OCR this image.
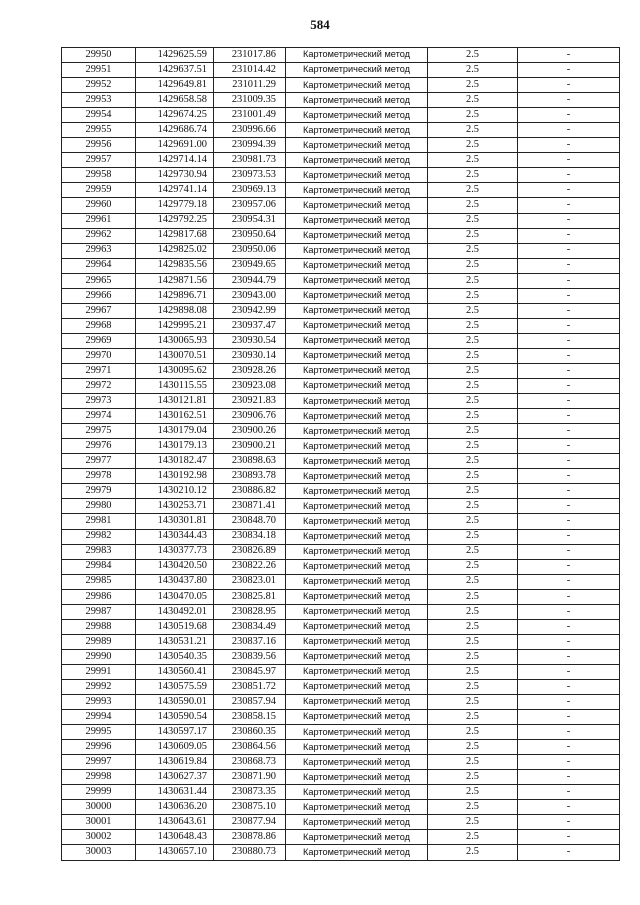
584
29950	1429625.59	231017.86	Картометрический метод	2.5	-
29951	1429637.51	231014.42	Картометрический метод	2.5	-
29952	1429649.81	231011.29	Картометрический метод	2.5	-
29953	1429658.58	231009.35	Картометрический метод	2.5	-
29954	1429674.25	231001.49	Картометрический метод	2.5	-
29955	1429686.74	230996.66	Картометрический метод	2.5	-
29956	1429691.00	230994.39	Картометрический метод	2.5	-
29957	1429714.14	230981.73	Картометрический метод	2.5	-
29958	1429730.94	230973.53	Картометрический метод	2.5	-
29959	1429741.14	230969.13	Картометрический метод	2.5	-
29960	1429779.18	230957.06	Картометрический метод	2.5	-
29961	1429792.25	230954.31	Картометрический метод	2.5	-
29962	1429817.68	230950.64	Картометрический метод	2.5	-
29963	1429825.02	230950.06	Картометрический метод	2.5	-
29964	1429835.56	230949.65	Картометрический метод	2.5	-
29965	1429871.56	230944.79	Картометрический метод	2.5	-
29966	1429896.71	230943.00	Картометрический метод	2.5	-
29967	1429898.08	230942.99	Картометрический метод	2.5	-
29968	1429995.21	230937.47	Картометрический метод	2.5	-
29969	1430065.93	230930.54	Картометрический метод	2.5	-
29970	1430070.51	230930.14	Картометрический метод	2.5	-
29971	1430095.62	230928.26	Картометрический метод	2.5	-
29972	1430115.55	230923.08	Картометрический метод	2.5	-
29973	1430121.81	230921.83	Картометрический метод	2.5	-
29974	1430162.51	230906.76	Картометрический метод	2.5	-
29975	1430179.04	230900.26	Картометрический метод	2.5	-
29976	1430179.13	230900.21	Картометрический метод	2.5	-
29977	1430182.47	230898.63	Картометрический метод	2.5	-
29978	1430192.98	230893.78	Картометрический метод	2.5	-
29979	1430210.12	230886.82	Картометрический метод	2.5	-
29980	1430253.71	230871.41	Картометрический метод	2.5	-
29981	1430301.81	230848.70	Картометрический метод	2.5	-
29982	1430344.43	230834.18	Картометрический метод	2.5	-
29983	1430377.73	230826.89	Картометрический метод	2.5	-
29984	1430420.50	230822.26	Картометрический метод	2.5	-
29985	1430437.80	230823.01	Картометрический метод	2.5	-
29986	1430470.05	230825.81	Картометрический метод	2.5	-
29987	1430492.01	230828.95	Картометрический метод	2.5	-
29988	1430519.68	230834.49	Картометрический метод	2.5	-
29989	1430531.21	230837.16	Картометрический метод	2.5	-
29990	1430540.35	230839.56	Картометрический метод	2.5	-
29991	1430560.41	230845.97	Картометрический метод	2.5	-
29992	1430575.59	230851.72	Картометрический метод	2.5	-
29993	1430590.01	230857.94	Картометрический метод	2.5	-
29994	1430590.54	230858.15	Картометрический метод	2.5	-
29995	1430597.17	230860.35	Картометрический метод	2.5	-
29996	1430609.05	230864.56	Картометрический метод	2.5	-
29997	1430619.84	230868.73	Картометрический метод	2.5	-
29998	1430627.37	230871.90	Картометрический метод	2.5	-
29999	1430631.44	230873.35	Картометрический метод	2.5	-
30000	1430636.20	230875.10	Картометрический метод	2.5	-
30001	1430643.61	230877.94	Картометрический метод	2.5	-
30002	1430648.43	230878.86	Картометрический метод	2.5	-
30003	1430657.10	230880.73	Картометрический метод	2.5	-
